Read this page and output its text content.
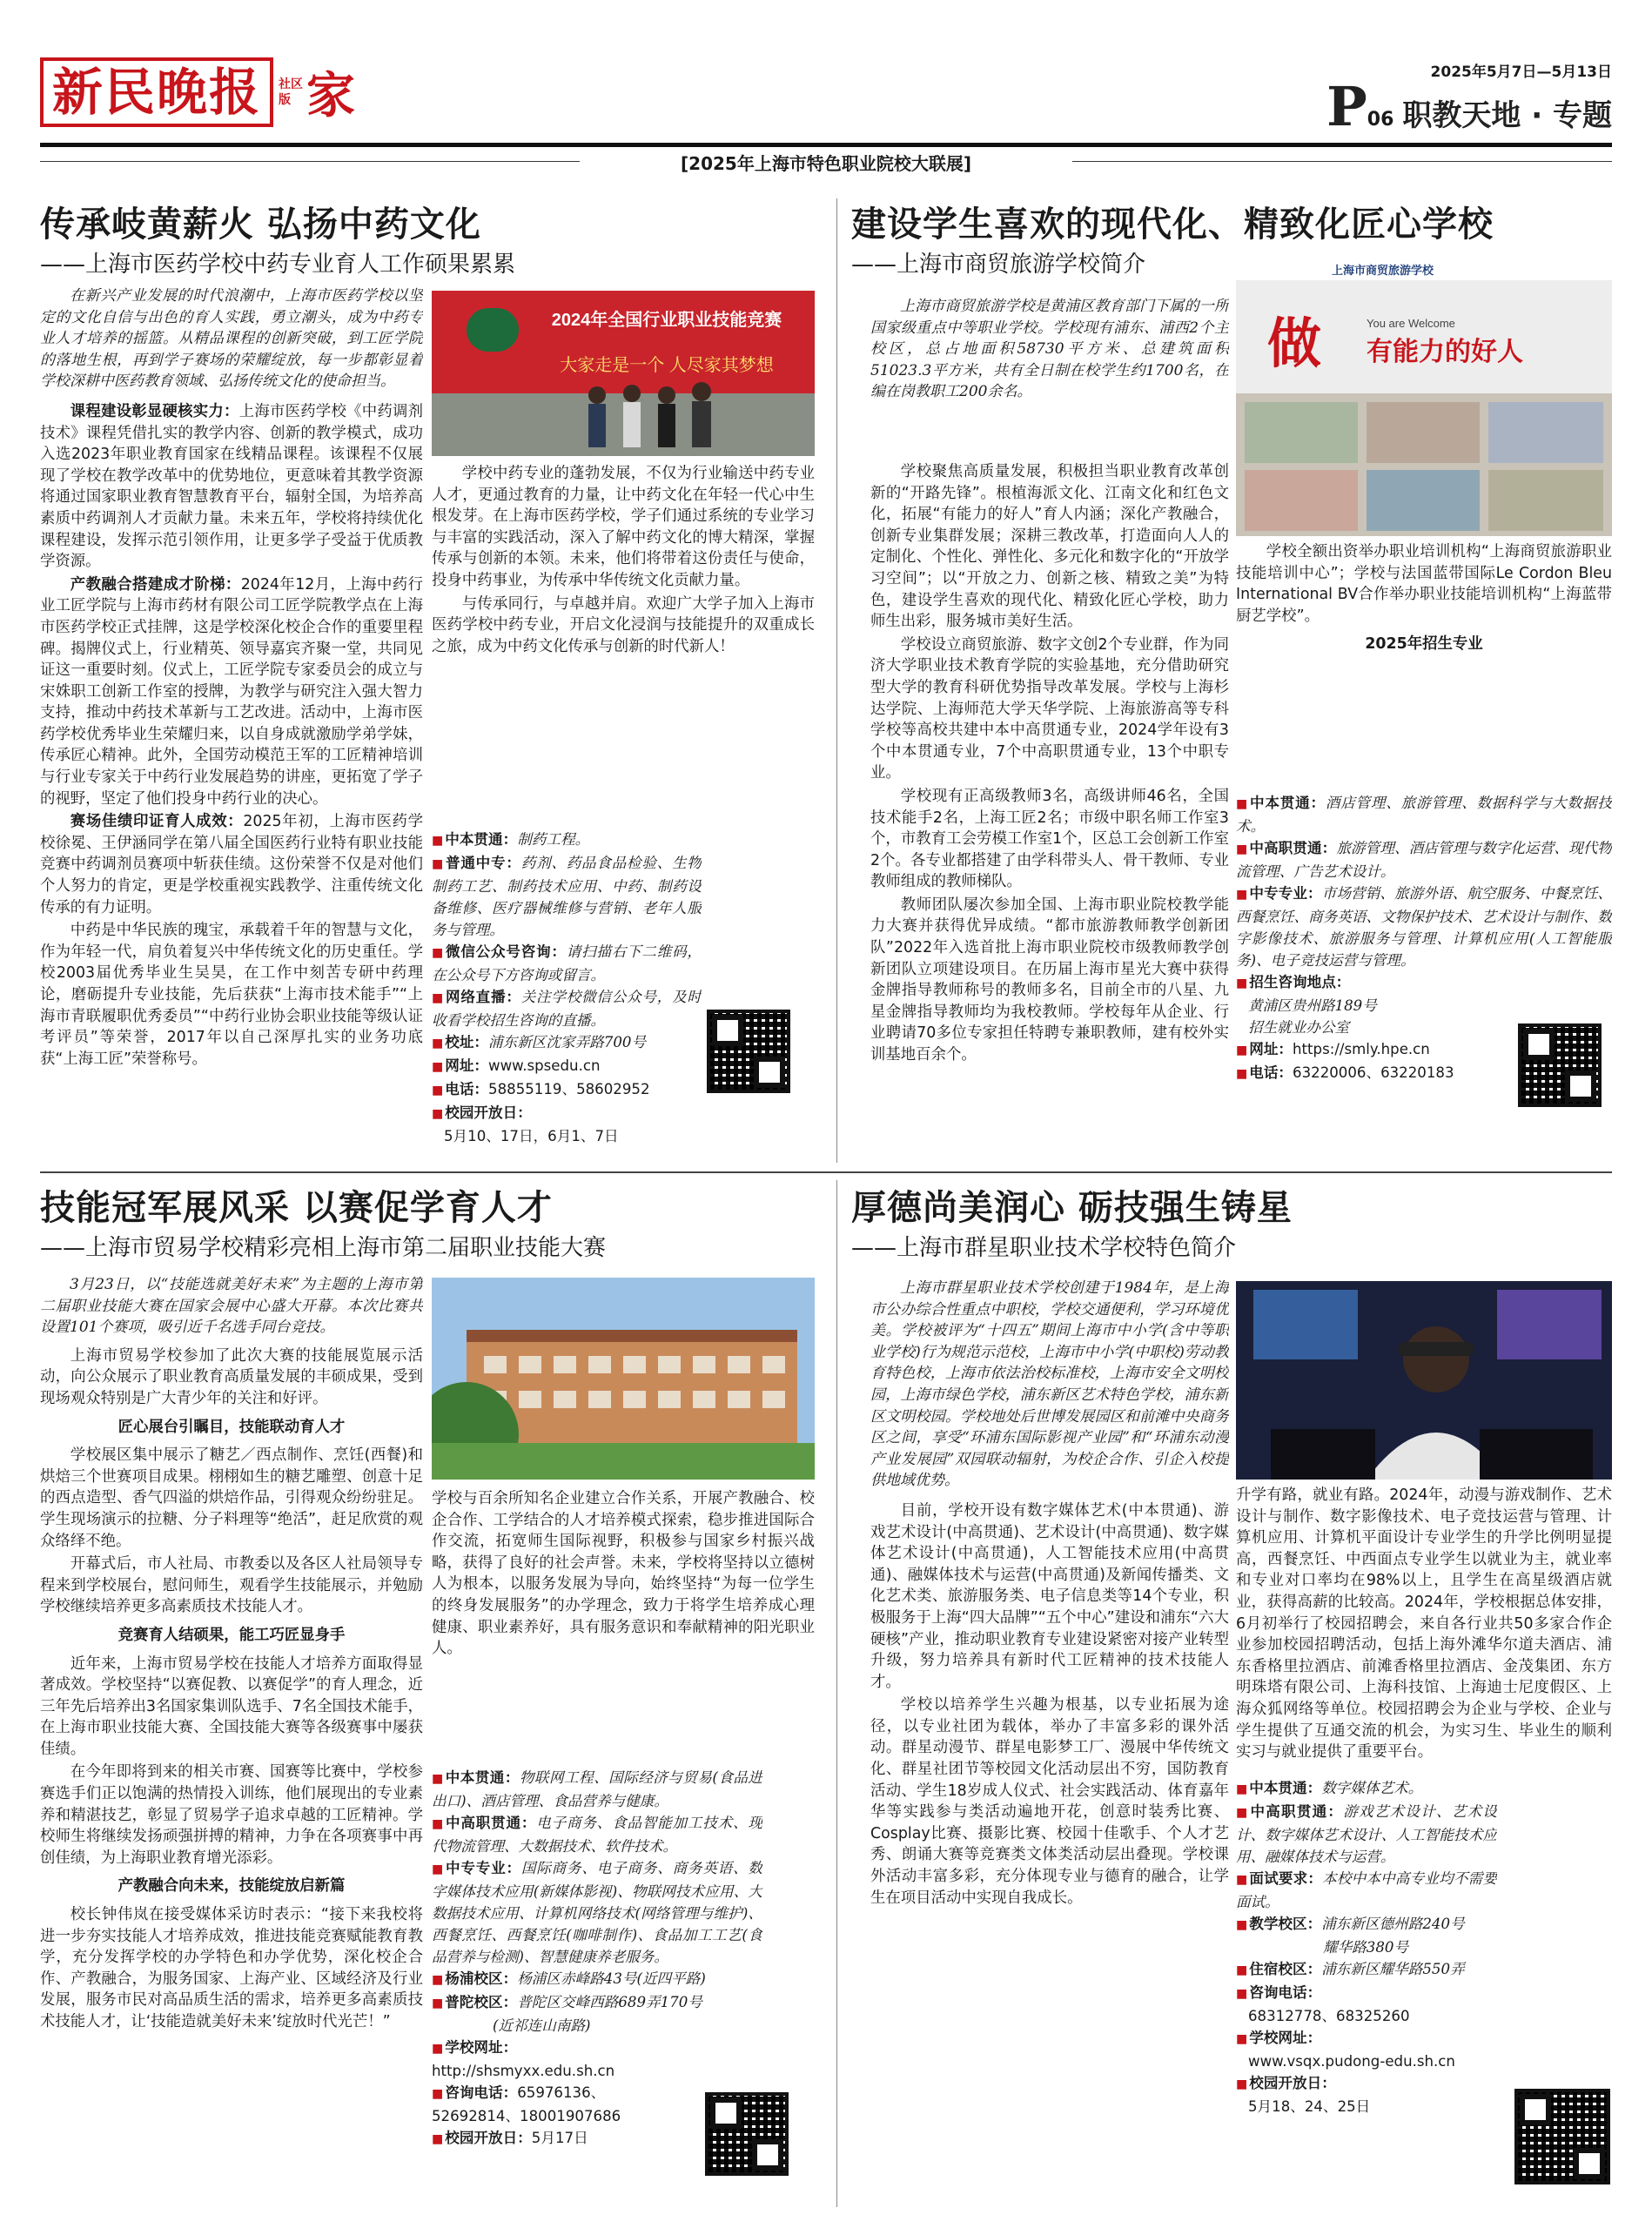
新民晚报	社区
版 家	2025年5月7日—5月13日
P 06 职教天地 · 专题
[2025年上海市特色职业院校大联展]
传承岐黄薪火 弘扬中药文化
——上海市医药学校中药专业育人工作硕果累累

在新兴产业发展的时代浪潮中，上海市医药学校以坚定的文化自信与出色的育人实践，勇立潮头，成为中药专业人才培养的摇篮。从精品课程的创新突破，到工匠学院的落地生根，再到学子赛场的荣耀绽放，每一步都彰显着学校深耕中医药教育领域、弘扬传统文化的使命担当。

课程建设彰显硬核实力：上海市医药学校《中药调剂技术》课程凭借扎实的教学内容、创新的教学模式，成功入选2023年职业教育国家在线精品课程。该课程不仅展现了学校在教学改革中的优势地位，更意味着其教学资源将通过国家职业教育智慧教育平台，辐射全国，为培养高素质中药调剂人才贡献力量。未来五年，学校将持续优化课程建设，发挥示范引领作用，让更多学子受益于优质教学资源。

产教融合搭建成才阶梯：2024年12月，上海中药行业工匠学院与上海市药材有限公司工匠学院教学点在上海市医药学校正式挂牌，这是学校深化校企合作的重要里程碑。揭牌仪式上，行业精英、领导嘉宾齐聚一堂，共同见证这一重要时刻。仪式上，工匠学院专家委员会的成立与宋姝职工创新工作室的授牌，为教学与研究注入强大智力支持，推动中药技术革新与工艺改进。活动中，上海市医药学校优秀毕业生荣耀归来，以自身成就激励学弟学妹，传承匠心精神。此外，全国劳动模范王军的工匠精神培训与行业专家关于中药行业发展趋势的讲座，更拓宽了学子的视野，坚定了他们投身中药行业的决心。

赛场佳绩印证育人成效：2025年初，上海市医药学校徐冕、王伊涵同学在第八届全国医药行业特有职业技能竞赛中药调剂员赛项中斩获佳绩。这份荣誉不仅是对他们个人努力的肯定，更是学校重视实践教学、注重传统文化传承的有力证明。

中药是中华民族的瑰宝，承载着千年的智慧与文化，作为年轻一代，肩负着复兴中华传统文化的历史重任。学校2003届优秀毕业生吴昊，在工作中刻苦专研中药理论，磨砺提升专业技能，先后获获“上海市技术能手”“上海市青联履职优秀委员”“中药行业协会职业技能等级认证考评员”等荣誉，2017年以自己深厚扎实的业务功底获“上海工匠”荣誉称号。

2024年全国行业职业技能竞赛
大家走是一个 人尽家其梦想

学校中药专业的蓬勃发展，不仅为行业输送中药专业人才，更通过教育的力量，让中药文化在年轻一代心中生根发芽。在上海市医药学校，学子们通过系统的专业学习与丰富的实践活动，深入了解中药文化的博大精深，掌握传承与创新的本领。未来，他们将带着这份责任与使命，投身中药事业，为传承中华传统文化贡献力量。

与传承同行，与卓越并肩。欢迎广大学子加入上海市医药学校中药专业，开启文化浸润与技能提升的双重成长之旅，成为中药文化传承与创新的时代新人！

■ 中本贯通：制药工程。
■ 普通中专：药剂、药品食品检验、生物制药工艺、制药技术应用、中药、制药设备维修、医疗器械维修与营销、老年人服务与管理。
■ 微信公众号咨询：请扫描右下二维码，在公众号下方咨询或留言。
■ 网络直播：关注学校微信公众号，及时收看学校招生咨询的直播。
■ 校址：浦东新区沈家弄路700号
■ 网址：www.spsedu.cn
■ 电话：58855119、58602952
■ 校园开放日：
5月10、17日，6月1、7日
建设学生喜欢的现代化、精致化匠心学校
——上海市商贸旅游学校简介

上海市商贸旅游学校是黄浦区教育部门下属的一所国家级重点中等职业学校。学校现有浦东、浦西2个主校区，总占地面积58730平方米、总建筑面积51023.3平方米，共有全日制在校学生约1700名，在编在岗教职工200余名。

上海市商贸旅游学校
做	You are Welcome
有能力的好人

学校聚焦高质量发展，积极担当职业教育改革创新的“开路先锋”。根植海派文化、江南文化和红色文化，拓展“有能力的好人”育人内涵；深化产教融合，创新专业集群发展；深耕三教改革，打造面向人人的定制化、个性化、弹性化、多元化和数字化的“开放学习空间”；以“开放之力、创新之核、精致之美”为特色，建设学生喜欢的现代化、精致化匠心学校，助力师生出彩，服务城市美好生活。

学校设立商贸旅游、数字文创2个专业群，作为同济大学职业技术教育学院的实验基地，充分借助研究型大学的教育科研优势指导改革发展。学校与上海杉达学院、上海师范大学天华学院、上海旅游高等专科学校等高校共建中本中高贯通专业，2024学年设有3个中本贯通专业，7个中高职贯通专业，13个中职专业。

学校现有正高级教师3名，高级讲师46名，全国技术能手2名，上海工匠2名；市级中职名师工作室3个，市教育工会劳模工作室1个，区总工会创新工作室2个。各专业都搭建了由学科带头人、骨干教师、专业教师组成的教师梯队。

教师团队屡次参加全国、上海市职业院校教学能力大赛并获得优异成绩。“都市旅游教师教学创新团队”2022年入选首批上海市职业院校市级教师教学创新团队立项建设项目。在历届上海市星光大赛中获得金牌指导教师称号的教师多名，目前全市的八星、九星金牌指导教师均为我校教师。学校每年从企业、行业聘请70多位专家担任特聘专兼职教师，建有校外实训基地百余个。

学校全额出资举办职业培训机构“上海商贸旅游职业技能培训中心”；学校与法国蓝带国际Le Cordon Bleu International BV合作举办职业技能培训机构“上海蓝带厨艺学校”。

2025年招生专业
■ 中本贯通：酒店管理、旅游管理、数据科学与大数据技术。
■ 中高职贯通：旅游管理、酒店管理与数字化运营、现代物流管理、广告艺术设计。
■ 中专专业：市场营销、旅游外语、航空服务、中餐烹饪、西餐烹饪、商务英语、文物保护技术、艺术设计与制作、数字影像技术、旅游服务与管理、计算机应用(人工智能服务)、电子竞技运营与管理。
■ 招生咨询地点：
黄浦区贵州路189号
招生就业办公室
■ 网址：https://smly.hpe.cn
■ 电话：63220006、63220183
技能冠军展风采 以赛促学育人才
——上海市贸易学校精彩亮相上海市第二届职业技能大赛

3月23日，以“技能选就美好未来”为主题的上海市第二届职业技能大赛在国家会展中心盛大开幕。本次比赛共设置101个赛项，吸引近千名选手同台竞技。

上海市贸易学校参加了此次大赛的技能展览展示活动，向公众展示了职业教育高质量发展的丰硕成果，受到现场观众特别是广大青少年的关注和好评。

匠心展台引瞩目，技能联动育人才

学校展区集中展示了糖艺／西点制作、烹饪(西餐)和烘焙三个世赛项目成果。栩栩如生的糖艺雕塑、创意十足的西点造型、香气四溢的烘焙作品，引得观众纷纷驻足。学生现场演示的拉糖、分子料理等“绝活”，赶足欣赏的观众络绎不绝。

开幕式后，市人社局、市教委以及各区人社局领导专程来到学校展台，慰问师生，观看学生技能展示，并勉励学校继续培养更多高素质技术技能人才。

竞赛育人结硕果，能工巧匠显身手

近年来，上海市贸易学校在技能人才培养方面取得显著成效。学校坚持“以赛促教、以赛促学”的育人理念，近三年先后培养出3名国家集训队选手、7名全国技术能手，在上海市职业技能大赛、全国技能大赛等各级赛事中屡获佳绩。

在今年即将到来的相关市赛、国赛等比赛中，学校参赛选手们正以饱满的热情投入训练，他们展现出的专业素养和精湛技艺，彰显了贸易学子追求卓越的工匠精神。学校师生将继续发扬顽强拼搏的精神，力争在各项赛事中再创佳绩，为上海职业教育增光添彩。

产教融合向未来，技能绽放启新篇

校长钟伟岚在接受媒体采访时表示：“接下来我校将进一步夯实技能人才培养成效，推进技能竞赛赋能教育教学，充分发挥学校的办学特色和办学优势，深化校企合作、产教融合，为服务国家、上海产业、区域经济及行业发展，服务市民对高品质生活的需求，培养更多高素质技术技能人才，让‘技能造就美好未来’绽放时代光芒！”

学校与百余所知名企业建立合作关系，开展产教融合、校企合作、工学结合的人才培养模式探索，稳步推进国际合作交流，拓宽师生国际视野，积极参与国家乡村振兴战略，获得了良好的社会声誉。未来，学校将坚持以立德树人为根本，以服务发展为导向，始终坚持“为每一位学生的终身发展服务”的办学理念，致力于将学生培养成心理健康、职业素养好，具有服务意识和奉献精神的阳光职业人。

■ 中本贯通：物联网工程、国际经济与贸易(食品进出口)、酒店管理、食品营养与健康。
■ 中高职贯通：电子商务、食品智能加工技术、现代物流管理、大数据技术、软件技术。
■ 中专专业：国际商务、电子商务、商务英语、数字媒体技术应用(新媒体影视)、物联网技术应用、大数据技术应用、计算机网络技术(网络管理与维护)、西餐烹饪、西餐烹饪(咖啡制作)、食品加工工艺(食品营养与检测)、智慧健康养老服务。
■ 杨浦校区：杨浦区赤峰路43号(近四平路)
■ 普陀校区：普陀区交峰西路689弄170号
(近祁连山南路)
■ 学校网址：
http://shsmyxx.edu.sh.cn
■ 咨询电话：65976136、
52692814、18001907686
■ 校园开放日：5月17日
厚德尚美润心 砺技强生铸星
——上海市群星职业技术学校特色简介

上海市群星职业技术学校创建于1984年，是上海市公办综合性重点中职校，学校交通便利，学习环境优美。学校被评为“十四五”期间上海市中小学(含中等职业学校)行为规范示范校，上海市中小学(中职校)劳动教育特色校，上海市依法治校标准校，上海市安全文明校园，上海市绿色学校，浦东新区艺术特色学校，浦东新区文明校园。学校地处后世博发展园区和前滩中央商务区之间，享受“环浦东国际影视产业园”和“环浦东动漫产业发展园”双园联动辐射，为校企合作、引企入校提供地域优势。

目前，学校开设有数字媒体艺术(中本贯通)、游戏艺术设计(中高贯通)、艺术设计(中高贯通)、数字媒体艺术设计(中高贯通)，人工智能技术应用(中高贯通)、融媒体技术与运营(中高贯通)及新闻传播类、文化艺术类、旅游服务类、电子信息类等14个专业，积极服务于上海“四大品牌”“五个中心”建设和浦东“六大硬核”产业，推动职业教育专业建设紧密对接产业转型升级，努力培养具有新时代工匠精神的技术技能人才。

学校以培养学生兴趣为根基，以专业拓展为途径，以专业社团为载体，举办了丰富多彩的课外活动。群星动漫节、群星电影梦工厂、漫展中华传统文化、群星社团节等校园文化活动层出不穷，国防教育活动、学生18岁成人仪式、社会实践活动、体育嘉年华等实践参与类活动遍地开花，创意时装秀比赛、Cosplay比赛、摄影比赛、校园十佳歌手、个人才艺秀、朗诵大赛等竞赛类文体类活动层出叠现。学校课外活动丰富多彩，充分体现专业与德育的融合，让学生在项目活动中实现自我成长。

升学有路，就业有路。2024年，动漫与游戏制作、艺术设计与制作、数字影像技术、电子竞技运营与管理、计算机应用、计算机平面设计专业学生的升学比例明显提高，西餐烹饪、中西面点专业学生以就业为主，就业率和专业对口率均在98%以上，且学生在高星级酒店就业，获得高薪的比较高。2024年，学校根据总体安排，6月初举行了校园招聘会，来自各行业共50多家合作企业参加校园招聘活动，包括上海外滩华尔道夫酒店、浦东香格里拉酒店、前滩香格里拉酒店、金茂集团、东方明珠塔有限公司、上海科技馆、上海迪士尼度假区、上海众狐网络等单位。校园招聘会为企业与学校、企业与学生提供了互通交流的机会，为实习生、毕业生的顺利实习与就业提供了重要平台。

■ 中本贯通：数字媒体艺术。
■ 中高职贯通：游戏艺术设计、艺术设计、数字媒体艺术设计、人工智能技术应用、融媒体技术与运营。
■ 面试要求：本校中本中高专业均不需要面试。
■ 教学校区：浦东新区德州路240号
耀华路380号
■ 住宿校区：浦东新区耀华路550弄
■ 咨询电话：
68312778、68325260
■ 学校网址：
www.vsqx.pudong-edu.sh.cn
■ 校园开放日：
5月18、24、25日
